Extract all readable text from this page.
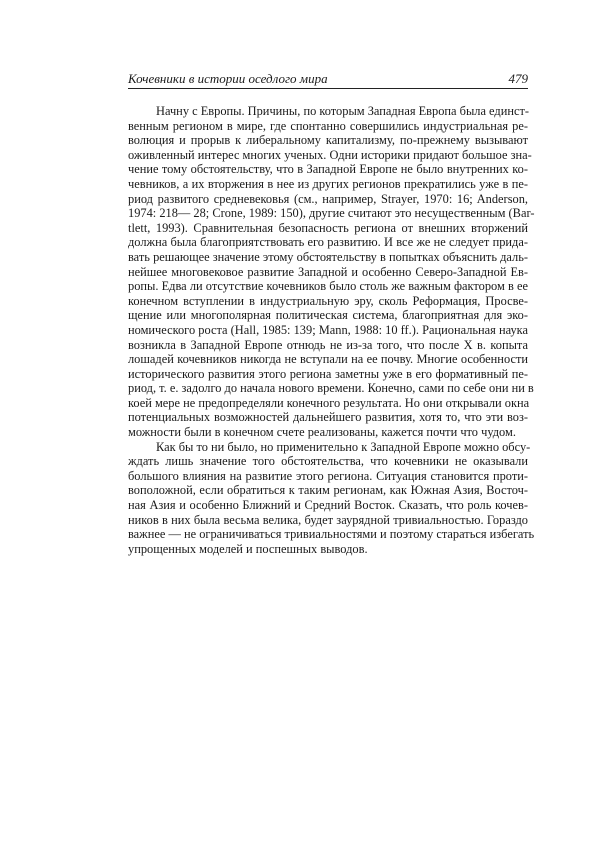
Кочевники в истории оседлого мира	479
Начну с Европы. Причины, по которым Западная Европа была единст-
венным регионом в мире, где спонтанно совершились индустриальная ре-
волюция и прорыв к либеральному капитализму, по-прежнему вызывают
оживленный интерес многих ученых. Одни историки придают большое зна-
чение тому обстоятельству, что в Западной Европе не было внутренних ко-
чевников, а их вторжения в нее из других регионов прекратились уже в пе-
риод развитого средневековья (см., например, Strayer, 1970: 16; Anderson,
1974: 218— 28; Crone, 1989: 150), другие считают это несущественным (Bar-
tlett, 1993). Сравнительная безопасность региона от внешних вторжений
должна была благоприятствовать его развитию. И все же не следует прида-
вать решающее значение этому обстоятельству в попытках объяснить даль-
нейшее многовековое развитие Западной и особенно Северо-Западной Ев-
ропы. Едва ли отсутствие кочевников было столь же важным фактором в ее
конечном вступлении в индустриальную эру, сколь Реформация, Просве-
щение или многополярная политическая система, благоприятная для эко-
номического роста (Hall, 1985: 139; Mann, 1988: 10 ff.). Рациональная наука
возникла в Западной Европе отнюдь не из-за того, что после X в. копыта
лошадей кочевников никогда не вступали на ее почву. Многие особенности
исторического развития этого региона заметны уже в его формативный пе-
риод, т. е. задолго до начала нового времени. Конечно, сами по себе они ни в
коей мере не предопределяли конечного результата. Но они открывали окна
потенциальных возможностей дальнейшего развития, хотя то, что эти воз-
можности были в конечном счете реализованы, кажется почти что чудом.
Как бы то ни было, но применительно к Западной Европе можно обсу-
ждать лишь значение того обстоятельства, что кочевники не оказывали
большого влияния на развитие этого региона. Ситуация становится проти-
воположной, если обратиться к таким регионам, как Южная Азия, Восточ-
ная Азия и особенно Ближний и Средний Восток. Сказать, что роль кочев-
ников в них была весьма велика, будет заурядной тривиальностью. Гораздо
важнее — не ограничиваться тривиальностями и поэтому стараться избегать
упрощенных моделей и поспешных выводов.
